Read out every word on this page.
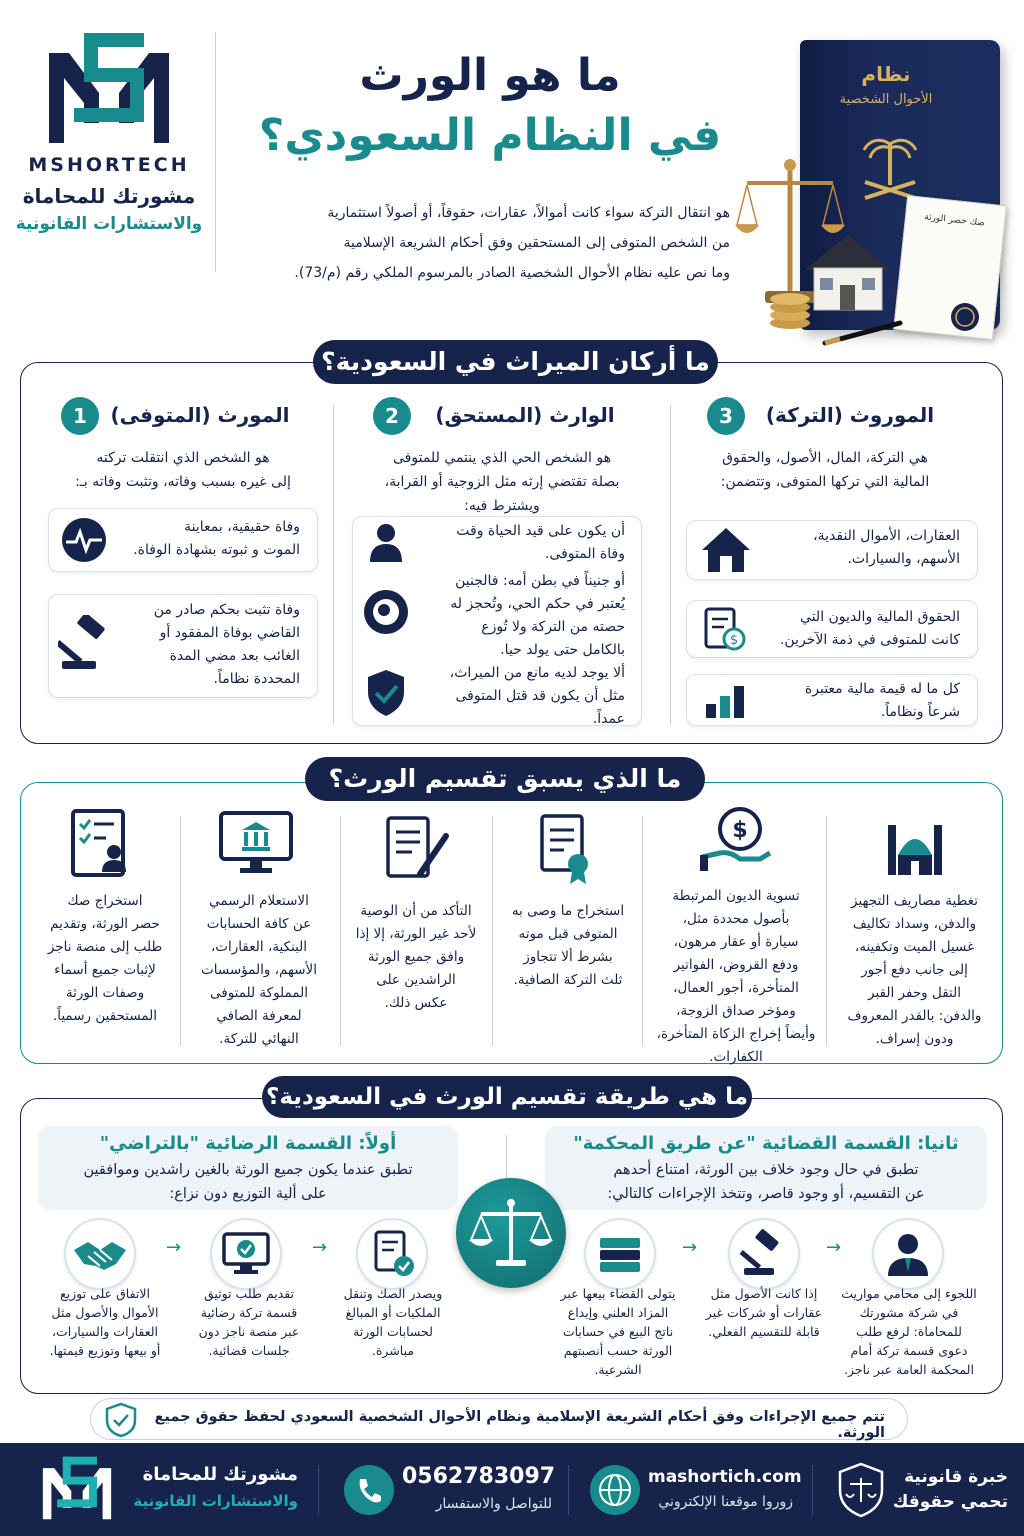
MSHORTECH
مشورتك للمحاماة
والاستشارات القانونية
ما هو الورث
في النظام السعودي؟
هو انتقال التركة سواء كانت أموالاً، عقارات، حقوقاً، أو أصولاً استثمارية
من الشخص المتوفى إلى المستحقين وفق أحكام الشريعة الإسلامية
وما نص عليه نظام الأحوال الشخصية الصادر بالمرسوم الملكي رقم (م/73).
نظام
الأحوال الشخصية
صك حصر الورثة
ما أركان الميراث في السعودية؟
3	الموروث (التركة)
هي التركة، المال، الأصول، والحقوق
المالية التي تركها المتوفى، وتتضمن:
العقارات، الأموال النقدية،
الأسهم، والسيارات.
الحقوق المالية والديون التي
كانت للمتوفى في ذمة الآخرين.
$
كل ما له قيمة مالية معتبرة
شرعاً ونظاماً.
2	الوارث (المستحق)
هو الشخص الحي الذي ينتمي للمتوفى
بصلة تقتضي إرثه مثل الزوجية أو القرابة،
ويشترط فيه:
أن يكون على قيد الحياة وقت
وفاة المتوفى.
أو جنيناً في بطن أمه: فالجنين
يُعتبر في حكم الحي، وتُحجز له
حصته من التركة ولا تُوزع
بالكامل حتى يولد حيا.
ألا يوجد لديه مانع من الميراث،
مثل أن يكون قد قتل المتوفى
عمداً.
1	المورث (المتوفى)
هو الشخص الذي انتقلت تركته
إلى غيره بسبب وفاته، وتثبت وفاته بـ:
وفاة حقيقية، بمعاينة
الموت و ثبوته بشهادة الوفاة.
وفاة تثبت بحكم صادر من
القاضي بوفاة المفقود أو
الغائب بعد مضي المدة
المحددة نظاماً.
ما الذي يسبق تقسيم الورث؟
تغطية مصاريف التجهيز
والدفن، وسداد تكاليف
غسيل الميت وتكفينه،
إلى جانب دفع أجور
التقل وحفر القبر
والدفن: بالقدر المعروف
ودون إسراف.
$
تسوية الديون المرتبطة
بأصول محددة مثل،
سيارة أو عقار مرهون،
ودفع القروض، الفواتير
المتأخرة، أجور العمال،
ومؤخر صداق الزوجة،
وأيضاً إخراج الزكاة المتأخرة،
الكفارات.
استخراج ما وصى به
المتوفى قبل موته
بشرط ألا تتجاوز
ثلث التركة الصافية.
التأكد من أن الوصية
لأحد غير الورثة، إلا إذا
وافق جميع الورثة
الراشدين على
عكس ذلك.
الاستعلام الرسمي
عن كافة الحسابات
البنكية، العقارات،
الأسهم، والمؤسسات
المملوكة للمتوفى
لمعرفة الصافي
النهائي للتركة.
استخراج صك
حصر الورثة، وتقديم
طلب إلى منصة ناجز
لإثبات جميع أسماء
وصفات الورثة
المستحقين رسمياً.
ما هي طريقة تقسيم الورث في السعودية؟
ثانيا: القسمة القضائية "عن طريق المحكمة"
تطبق في حال وجود خلاف بين الورثة، امتناع أحدهم
عن التقسيم، أو وجود قاصر، وتتخذ الإجراءات كالتالي:
أولاً: القسمة الرضائية "بالتراضي"
تطبق عندما يكون جميع الورثة بالغين راشدين وموافقين
على ألية التوزيع دون نزاع:
→
→
اللجوء إلى محامي مواريث
في شركة مشورتك
للمحاماة: لرفع طلب
دعوى قسمة تركة أمام
المحكمة العامة عبر ناجز.
إذا كانت الأصول مثل
عقارات أو شركات غير
قابلة للتقسيم الفعلي.
يتولى القضاء بيعها عبر
المزاد العلني وإيداع
ناتج البيع في حسابات
الورثة حسب أنصبتهم
الشرعية.
→
→
ويصدر الصك وتنقل
الملكيات أو المبالغ
لحسابات الورثة
مباشرة.
تقديم طلب توثيق
قسمة تركة رضائية
عبر منصة ناجز دون
جلسات قضائية.
الاتفاق على توزيع
الأموال والأصول مثل
العقارات والسيارات،
أو بيعها وتوزيع قيمتها.
تتم جميع الإجراءات وفق أحكام الشريعة الإسلامية ونظام الأحوال الشخصية السعودي لحفظ حقوق جميع الورثة.
خبرة قانونية
تحمي حقوقك
mashortich.com
زوروا موقعنا الإلكتروني
0562783097
للتواصل والاستفسار
مشورتك للمحاماة
والاستشارات القانونية
